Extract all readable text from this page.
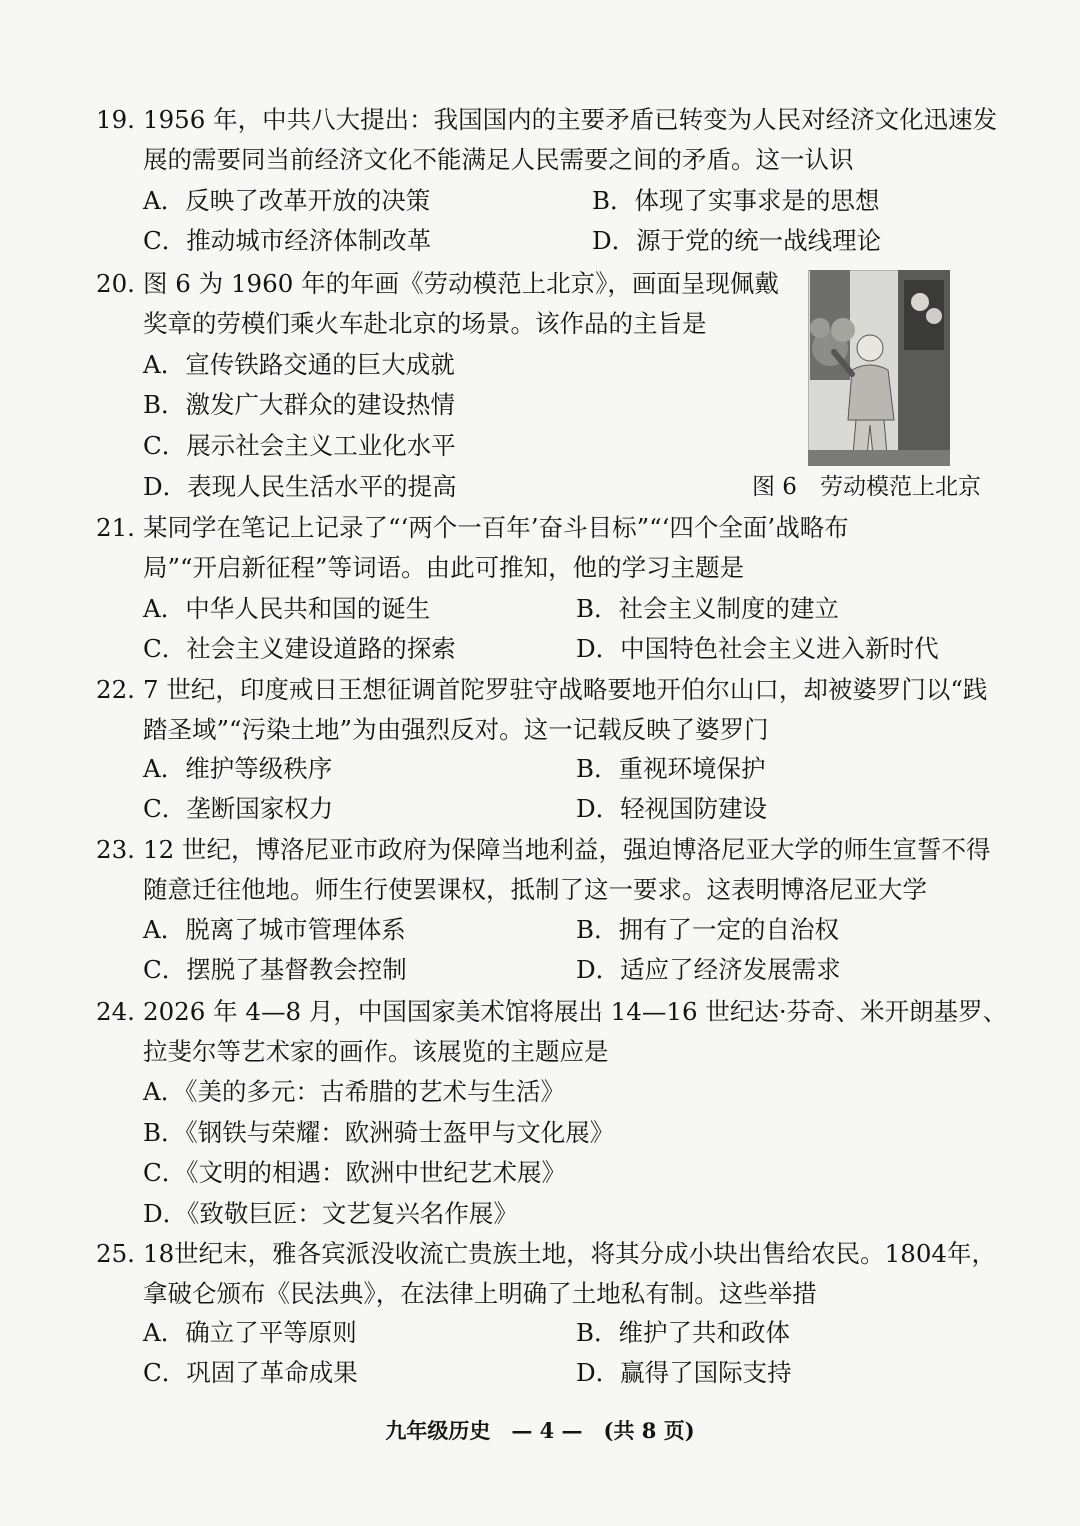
19. 1956 年，中共八大提出：我国国内的主要矛盾已转变为人民对经济文化迅速发
展的需要同当前经济文化不能满足人民需要之间的矛盾。这一认识
A．反映了改革开放的决策	B．体现了实事求是的思想
C．推动城市经济体制改革	D．源于党的统一战线理论
20. 图 6 为 1960 年的年画《劳动模范上北京》，画面呈现佩戴
奖章的劳模们乘火车赴北京的场景。该作品的主旨是
A．宣传铁路交通的巨大成就
B．激发广大群众的建设热情
C．展示社会主义工业化水平
D．表现人民生活水平的提高	图 6　劳动模范上北京
21. 某同学在笔记上记录了“‘两个一百年’奋斗目标”“‘四个全面’战略布
局”“开启新征程”等词语。由此可推知，他的学习主题是
A．中华人民共和国的诞生	B．社会主义制度的建立
C．社会主义建设道路的探索	D．中国特色社会主义进入新时代
22. 7 世纪，印度戒日王想征调首陀罗驻守战略要地开伯尔山口，却被婆罗门以“践
踏圣域”“污染土地”为由强烈反对。这一记载反映了婆罗门
A．维护等级秩序	B．重视环境保护
C．垄断国家权力	D．轻视国防建设
23. 12 世纪，博洛尼亚市政府为保障当地利益，强迫博洛尼亚大学的师生宣誓不得
随意迁往他地。师生行使罢课权，抵制了这一要求。这表明博洛尼亚大学
A．脱离了城市管理体系	B．拥有了一定的自治权
C．摆脱了基督教会控制	D．适应了经济发展需求
24. 2026 年 4—8 月，中国国家美术馆将展出 14—16 世纪达·芬奇、米开朗基罗、
拉斐尔等艺术家的画作。该展览的主题应是
A．《美的多元：古希腊的艺术与生活》
B．《钢铁与荣耀：欧洲骑士盔甲与文化展》
C．《文明的相遇：欧洲中世纪艺术展》
D．《致敬巨匠：文艺复兴名作展》
25. 18世纪末，雅各宾派没收流亡贵族土地，将其分成小块出售给农民。1804年，
拿破仑颁布《民法典》，在法律上明确了土地私有制。这些举措
A．确立了平等原则	B．维护了共和政体
C．巩固了革命成果	D．赢得了国际支持
九年级历史　— 4 —　(共 8 页)
